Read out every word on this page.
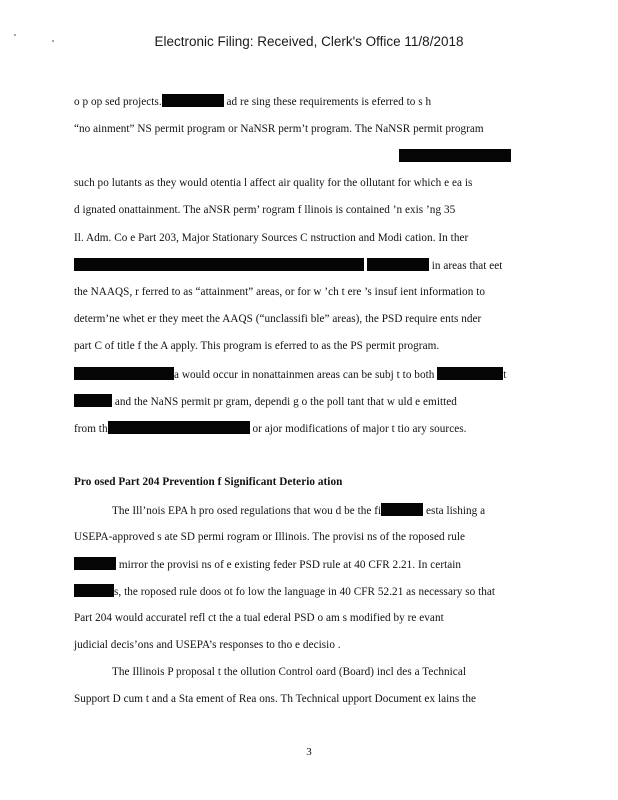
Electronic Filing: Received, Clerk's Office 11/8/2018
o p op sed projects.	ad re sing these requirements is eferred to s h
“no ainment” NS permit program or NaNSR perm’t program. The NaNSR permit program
such po lutants as they would otentia l affect air quality for the ollutant for which e ea is
d ignated onattainment. The aNSR perm’ rogram f llinois is contained ’n exis ’ng 35
Il. Adm. Co e Part 203, Major Stationary Sources C nstruction and Modi cation. In ther
in areas that eet
the NAAQS, r ferred to as “attainment” areas, or for w ’ch t ere ’s insuf ient information to
determ’ne whet er they meet the AAQS (“unclassifi ble” areas), the PSD require ents nder
part C of title f the A apply. This program is eferred to as the PS permit program.
a would occur in nonattainmen areas can be subj t to both	t
and the NaNS permit pr gram, dependi g o the poll tant that w uld e emitted
from th	or ajor modifications of major t tio ary sources.
Pro osed Part 204 Prevention f Significant Deterio ation
The Ill’nois EPA h pro osed regulations that wou d be the fi	esta lishing a
USEPA-approved s ate SD permi rogram or Illinois. The provisi ns of the roposed rule
mirror the provisi ns of e existing feder PSD rule at 40 CFR 2.21. In certain
s, the roposed rule doos ot fo low the language in 40 CFR 52.21 as necessary so that
Part 204 would accuratel refl ct the a tual ederal PSD o am s modified by re evant
judicial decis’ons and USEPA’s responses to tho e decisio .
The Illinois P proposal t the ollution Control oard (Board) incl des a Technical
Support D cum t and a Sta ement of Rea ons. Th Technical upport Document ex lains the
3
